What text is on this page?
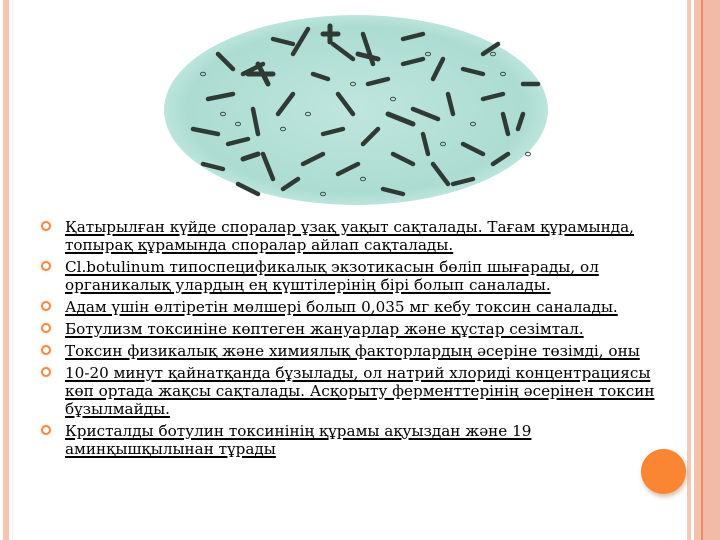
Қатырылған күйде споралар ұзақ уақыт сақталады. Тағам құрамында, топырақ құрамында споралар айлап сақталады.
Cl.botulinum типоспецификалық экзотикасын бөліп шығарады, ол органикалық улардың ең күштілерінің бірі болып саналады.
Адам үшін өлтіретін мөлшері болып 0,035 мг кебу токсин саналады.
Ботулизм токсиніне көптеген жануарлар және құстар сезімтал.
Токсин физикалық және химиялық факторлардың әсеріне төзімді, оны
10-20 минут қайнатқанда бұзылады, ол натрий хлориді концентрациясы көп ортада жақсы сақталады. Асқорыту ферменттерінің әсерінен токсин бұзылмайды.
Кристалды ботулин токсинінің құрамы ақуыздан және 19 аминқышқылынан тұрады
